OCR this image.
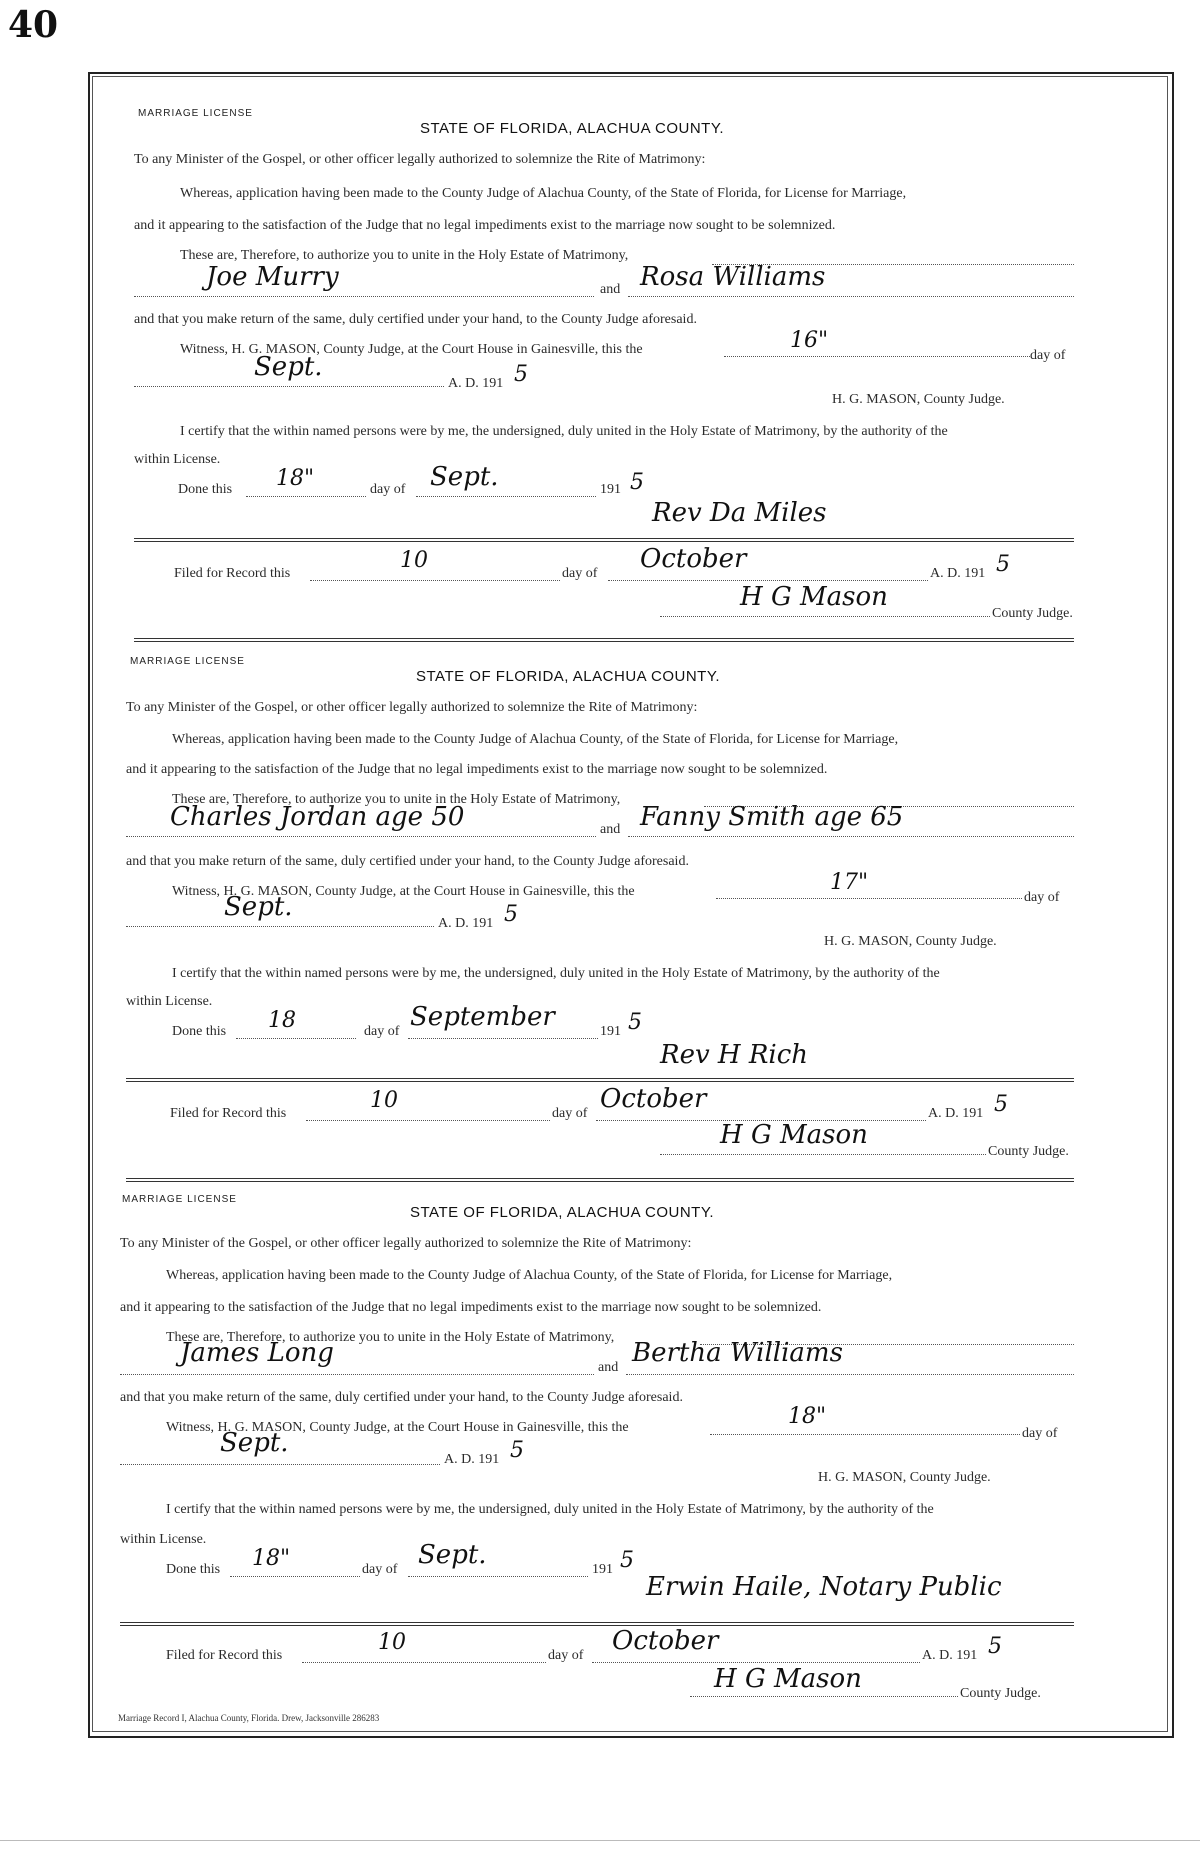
40
MARRIAGE LICENSE
STATE OF FLORIDA, ALACHUA COUNTY.
To any Minister of the Gospel, or other officer legally authorized to solemnize the Rite of Matrimony:
Whereas, application having been made to the County Judge of Alachua County, of the State of Florida, for License for Marriage,
and it appearing to the satisfaction of the Judge that no legal impediments exist to the marriage now sought to be solemnized.
These are, Therefore, to authorize you to unite in the Holy Estate of Matrimony,
Joe Murry	and Rosa Williams
and that you make return of the same, duly certified under your hand, to the County Judge aforesaid.
Witness, H. G. MASON, County Judge, at the Court House in Gainesville, this the	16"
day of
Sept.
A. D. 191 5
H. G. MASON, County Judge.
I certify that the within named persons were by me, the undersigned, duly united in the Holy Estate of Matrimony, by the authority of the
within License.
Done this 18"	day of Sept.	191 5
Rev Da Miles
Filed for Record this
10
day of October	A. D. 191 5
H G Mason
County Judge.
MARRIAGE LICENSE
STATE OF FLORIDA, ALACHUA COUNTY.
To any Minister of the Gospel, or other officer legally authorized to solemnize the Rite of Matrimony:
Whereas, application having been made to the County Judge of Alachua County, of the State of Florida, for License for Marriage,
and it appearing to the satisfaction of the Judge that no legal impediments exist to the marriage now sought to be solemnized.
These are, Therefore, to authorize you to unite in the Holy Estate of Matrimony,
Charles Jordan age 50	and Fanny Smith age 65
and that you make return of the same, duly certified under your hand, to the County Judge aforesaid.
Witness, H. G. MASON, County Judge, at the Court House in Gainesville, this the	17"
day of
Sept.
A. D. 191 5
H. G. MASON, County Judge.
I certify that the within named persons were by me, the undersigned, duly united in the Holy Estate of Matrimony, by the authority of the
within License.
Done this 18	day of September	191 5
Rev H Rich
Filed for Record this
10
day of October	A. D. 191 5
H G Mason
County Judge.
MARRIAGE LICENSE
STATE OF FLORIDA, ALACHUA COUNTY.
To any Minister of the Gospel, or other officer legally authorized to solemnize the Rite of Matrimony:
Whereas, application having been made to the County Judge of Alachua County, of the State of Florida, for License for Marriage,
and it appearing to the satisfaction of the Judge that no legal impediments exist to the marriage now sought to be solemnized.
These are, Therefore, to authorize you to unite in the Holy Estate of Matrimony,
James Long	and Bertha Williams
and that you make return of the same, duly certified under your hand, to the County Judge aforesaid.
Witness, H. G. MASON, County Judge, at the Court House in Gainesville, this the	18"
day of
Sept.
A. D. 191 5
H. G. MASON, County Judge.
I certify that the within named persons were by me, the undersigned, duly united in the Holy Estate of Matrimony, by the authority of the
within License.
Done this 18"	day of Sept.	191 5
Erwin Haile, Notary Public
Filed for Record this
10
day of October	A. D. 191 5
H G Mason	County Judge.
Marriage Record I, Alachua County, Florida. Drew, Jacksonville 286283
